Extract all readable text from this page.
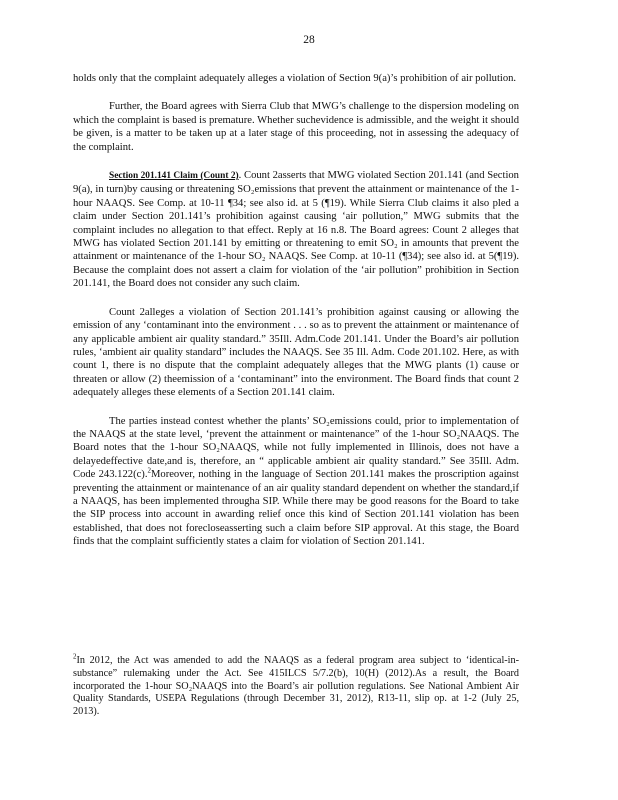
28

holds only that the complaint adequately alleges a violation of Section 9(a)’s prohibition of air pollution.

Further, the Board agrees with Sierra Club that MWG’s challenge to the dispersion modeling on which the complaint is based is premature. Whether suchevidence is admissible, and the weight it should be given, is a matter to be taken up at a later stage of this proceeding, not in assessing the adequacy of the complaint.

Section 201.141 Claim (Count 2). Count 2asserts that MWG violated Section 201.141 (and Section 9(a), in turn)by causing or threatening SO₂emissions that prevent the attainment or maintenance of the 1-hour NAAQS. See Comp. at 10-11 ¶34; see also id. at 5 (¶19). While Sierra Club claims it also pled a claim under Section 201.141’s prohibition against causing ‘air pollution,” MWG submits that the complaint includes no allegation to that effect. Reply at 16 n.8. The Board agrees: Count 2 alleges that MWG has violated Section 201.141 by emitting or threatening to emit SO₂ in amounts that prevent the attainment or maintenance of the 1-hour SO₂ NAAQS. See Comp. at 10-11 (¶34); see also id. at 5(¶19). Because the complaint does not assert a claim for violation of the ‘air pollution” prohibition in Section 201.141, the Board does not consider any such claim.

Count 2alleges a violation of Section 201.141’s prohibition against causing or allowing the emission of any ‘contaminant into the environment . . . so as to prevent the attainment or maintenance of any applicable ambient air quality standard.” 35Ill. Adm.Code 201.141. Under the Board’s air pollution rules, ‘ambient air quality standard” includes the NAAQS. See 35 Ill. Adm. Code 201.102. Here, as with count 1, there is no dispute that the complaint adequately alleges that the MWG plants (1) cause or threaten or allow (2) theemission of a ‘contaminant” into the environment. The Board finds that count 2 adequately alleges these elements of a Section 201.141 claim.

The parties instead contest whether the plants’ SO₂emissions could, prior to implementation of the NAAQS at the state level, ‘prevent the attainment or maintenance” of the 1-hour SO₂NAAQS. The Board notes that the 1-hour SO₂NAAQS, while not fully implemented in Illinois, does not have a delayedeffective date,and is, therefore, an “ applicable ambient air quality standard.” See 35Ill. Adm. Code 243.122(c).$^2$Moreover, nothing in the language of Section 201.141 makes the proscription against preventing the attainment or maintenance of an air quality standard dependent on whether the standard,if a NAAQS, has been implemented througha SIP. While there may be good reasons for the Board to take the SIP process into account in awarding relief once this kind of Section 201.141 violation has been established, that does not forecloseasserting such a claim before SIP approval. At this stage, the Board finds that the complaint sufficiently states a claim for violation of Section 201.141.

$^2$In 2012, the Act was amended to add the NAAQS as a federal program area subject to ‘identical-in-substance” rulemaking under the Act. See 415ILCS 5/7.2(b), 10(H) (2012).As a result, the Board incorporated the 1-hour SO₂NAAQS into the Board’s air pollution regulations. See National Ambient Air Quality Standards, USEPA Regulations (through December 31, 2012), R13-11, slip op. at 1-2 (July 25, 2013).
